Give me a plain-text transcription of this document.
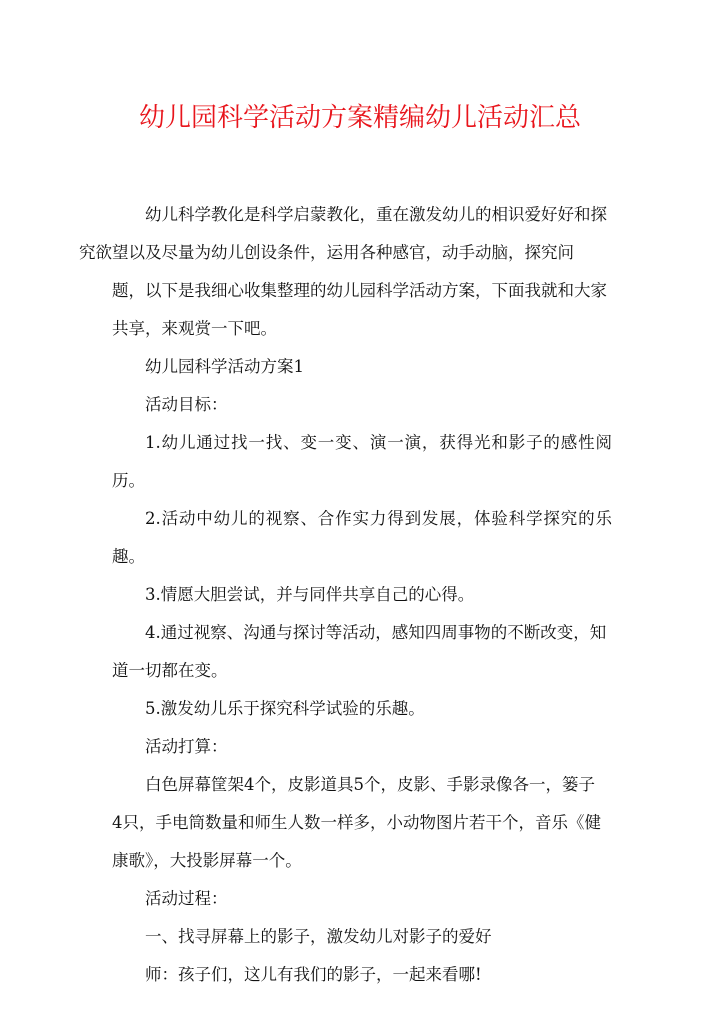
幼儿园科学活动方案精编幼儿活动汇总
幼儿科学教化是科学启蒙教化，重在激发幼儿的相识爱好好和探
究欲望以及尽量为幼儿创设条件，运用各种感官，动手动脑，探究问
题，以下是我细心收集整理的幼儿园科学活动方案，下面我就和大家
共享，来观赏一下吧。
幼儿园科学活动方案1
活动目标：
1.幼儿通过找一找、变一变、演一演，获得光和影子的感性阅历。
2.活动中幼儿的视察、合作实力得到发展，体验科学探究的乐趣。
3.情愿大胆尝试，并与同伴共享自己的心得。
4.通过视察、沟通与探讨等活动，感知四周事物的不断改变，知
道一切都在变。
5.激发幼儿乐于探究科学试验的乐趣。
活动打算：
白色屏幕筐架4个，皮影道具5个，皮影、手影录像各一，篓子
4只，手电筒数量和师生人数一样多，小动物图片若干个，音乐《健
康歌》，大投影屏幕一个。
活动过程：
一、找寻屏幕上的影子，激发幼儿对影子的爱好
师：孩子们，这儿有我们的影子，一起来看哪!
